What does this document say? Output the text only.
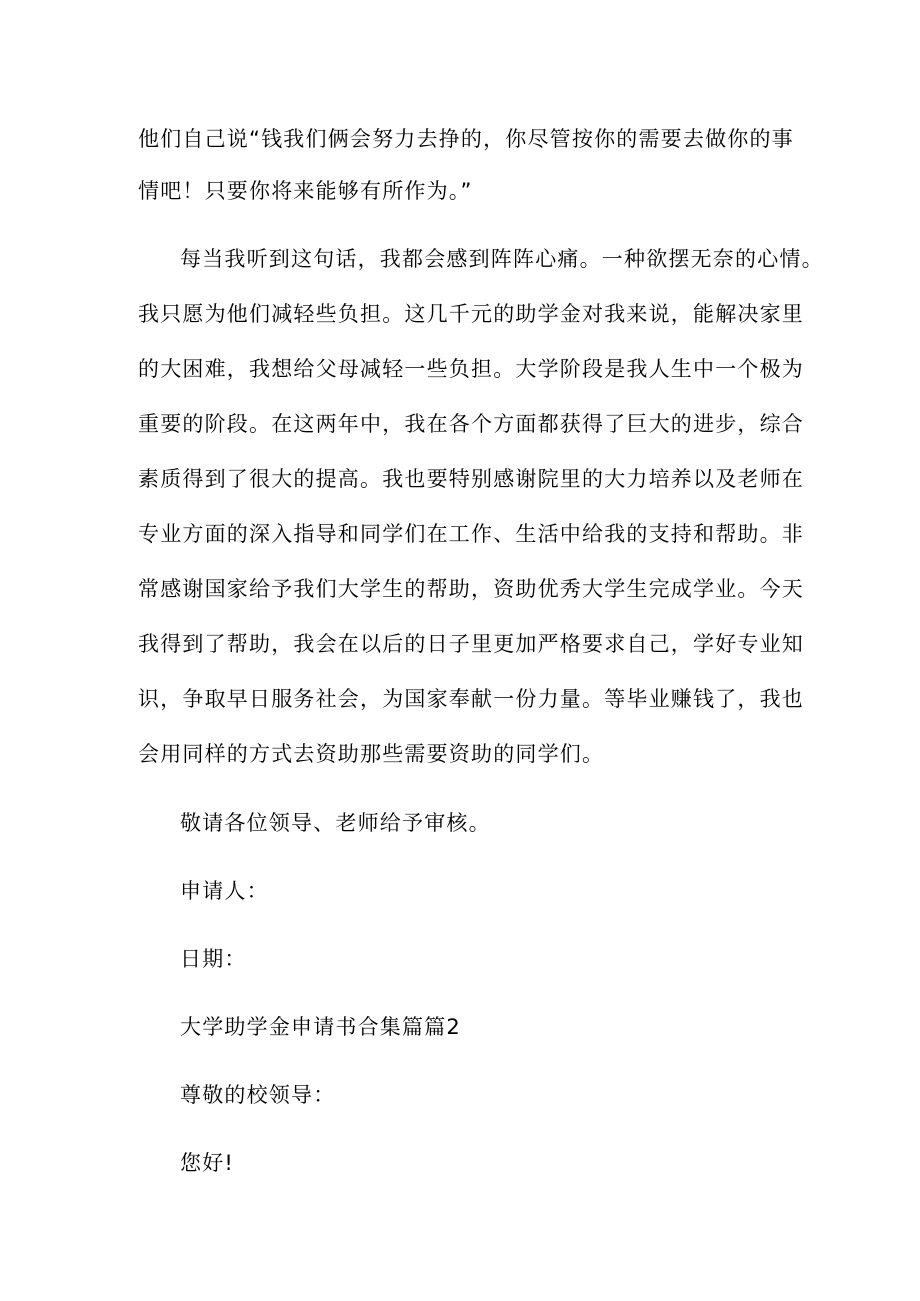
他们自己说“钱我们俩会努力去挣的，你尽管按你的需要去做你的事
情吧！只要你将来能够有所作为。”
每当我听到这句话，我都会感到阵阵心痛。一种欲摆无奈的心情。
我只愿为他们减轻些负担。这几千元的助学金对我来说，能解决家里
的大困难，我想给父母减轻一些负担。大学阶段是我人生中一个极为
重要的阶段。在这两年中，我在各个方面都获得了巨大的进步，综合
素质得到了很大的提高。我也要特别感谢院里的大力培养以及老师在
专业方面的深入指导和同学们在工作、生活中给我的支持和帮助。非
常感谢国家给予我们大学生的帮助，资助优秀大学生完成学业。今天
我得到了帮助，我会在以后的日子里更加严格要求自己，学好专业知
识，争取早日服务社会，为国家奉献一份力量。等毕业赚钱了，我也
会用同样的方式去资助那些需要资助的同学们。
敬请各位领导、老师给予审核。
申请人：
日期：
大学助学金申请书合集篇篇2
尊敬的校领导：
您好!
